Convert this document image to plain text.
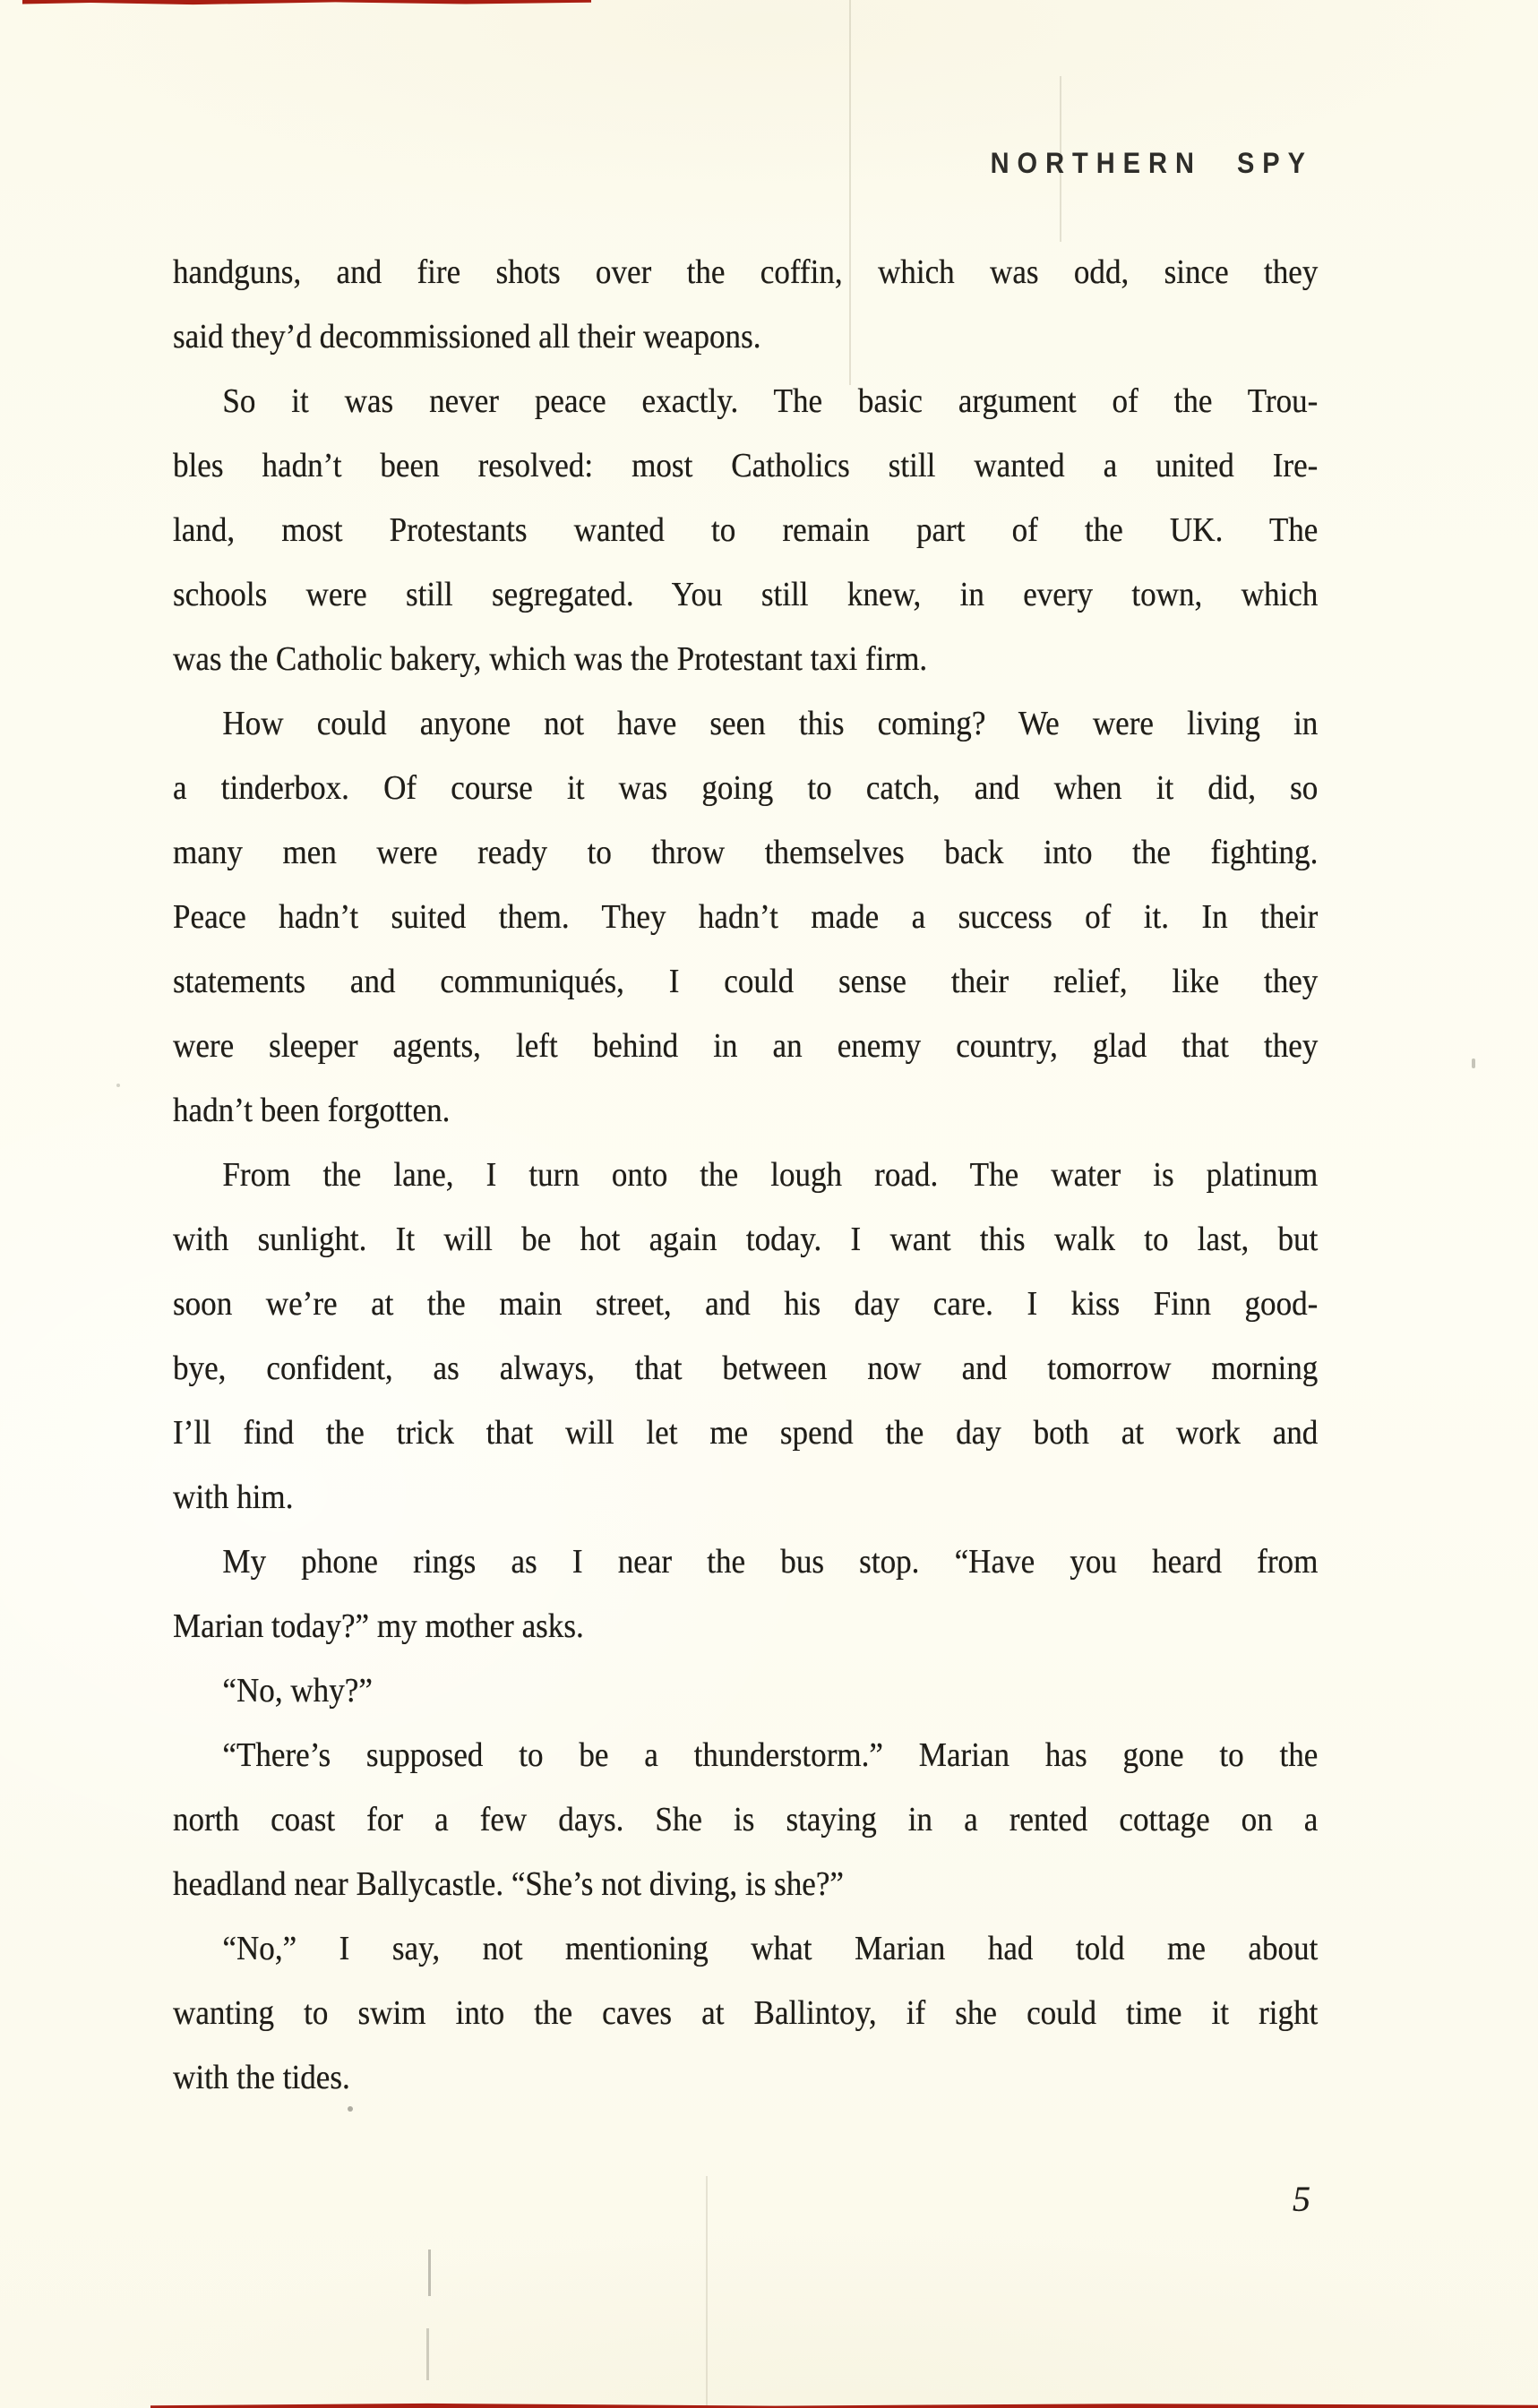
NORTHERN SPY
handguns, and fire shots over the coffin, which was odd, since they
said they’d decommissioned all their weapons.
So it was never peace exactly. The basic argument of the Trou-
bles hadn’t been resolved: most Catholics still wanted a united Ire-
land, most Protestants wanted to remain part of the UK. The
schools were still segregated. You still knew, in every town, which
was the Catholic bakery, which was the Protestant taxi firm.
How could anyone not have seen this coming? We were living in
a tinderbox. Of course it was going to catch, and when it did, so
many men were ready to throw themselves back into the fighting.
Peace hadn’t suited them. They hadn’t made a success of it. In their
statements and communiqués, I could sense their relief, like they
were sleeper agents, left behind in an enemy country, glad that they
hadn’t been forgotten.
From the lane, I turn onto the lough road. The water is platinum
with sunlight. It will be hot again today. I want this walk to last, but
soon we’re at the main street, and his day care. I kiss Finn good-
bye, confident, as always, that between now and tomorrow morning
I’ll find the trick that will let me spend the day both at work and
with him.
My phone rings as I near the bus stop. “Have you heard from
Marian today?” my mother asks.
“No, why?”
“There’s supposed to be a thunderstorm.” Marian has gone to the
north coast for a few days. She is staying in a rented cottage on a
headland near Ballycastle. “She’s not diving, is she?”
“No,” I say, not mentioning what Marian had told me about
wanting to swim into the caves at Ballintoy, if she could time it right
with the tides.
5
